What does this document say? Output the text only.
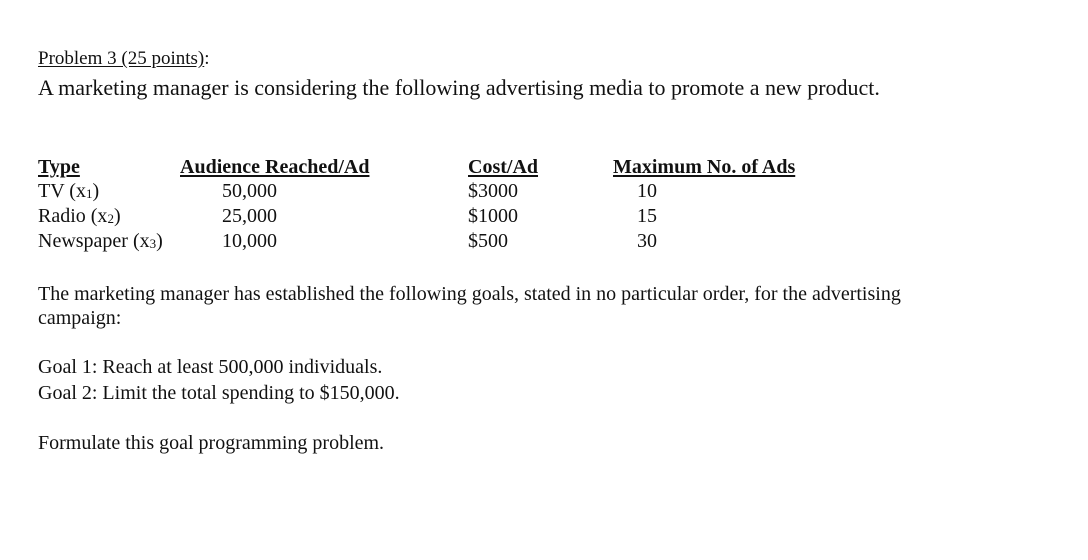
Problem 3 (25 points):
A marketing manager is considering the following advertising media to promote a new product.
Type	Audience Reached/Ad	Cost/Ad	Maximum No. of Ads
TV (x1)	50,000	$3000	10
Radio (x2)	25,000	$1000	15
Newspaper (x3)	10,000	$500	30
The marketing manager has established the following goals, stated in no particular order, for the advertising campaign:
Goal 1: Reach at least 500,000 individuals.
Goal 2: Limit the total spending to $150,000.
Formulate this goal programming problem.
